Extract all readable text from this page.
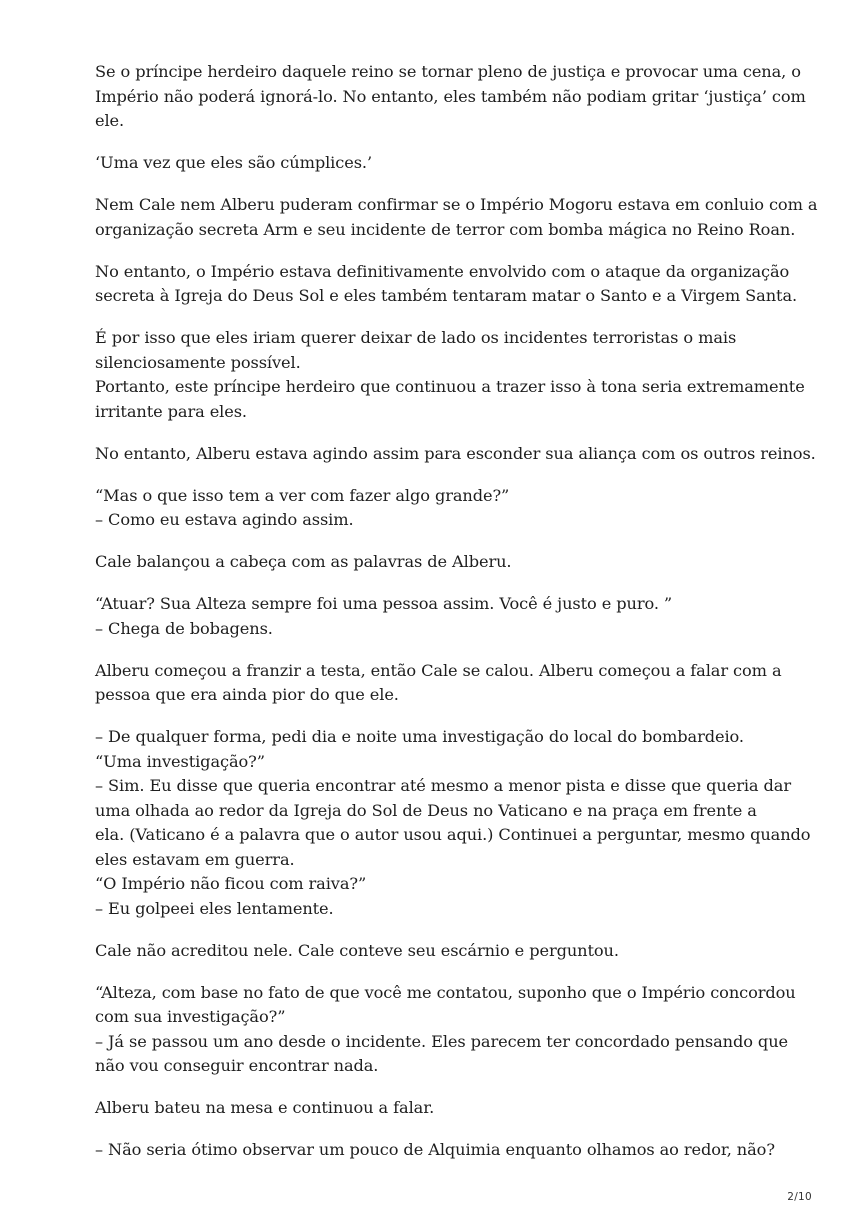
Se o príncipe herdeiro daquele reino se tornar pleno de justiça e provocar uma cena, o
Império não poderá ignorá-lo. No entanto, eles também não podiam gritar ‘justiça’ com
ele.

‘Uma vez que eles são cúmplices.’

Nem Cale nem Alberu puderam confirmar se o Império Mogoru estava em conluio com a
organização secreta Arm e seu incidente de terror com bomba mágica no Reino Roan.

No entanto, o Império estava definitivamente envolvido com o ataque da organização
secreta à Igreja do Deus Sol e eles também tentaram matar o Santo e a Virgem Santa.

É por isso que eles iriam querer deixar de lado os incidentes terroristas o mais
silenciosamente possível.
Portanto, este príncipe herdeiro que continuou a trazer isso à tona seria extremamente
irritante para eles.

No entanto, Alberu estava agindo assim para esconder sua aliança com os outros reinos.

“Mas o que isso tem a ver com fazer algo grande?”
– Como eu estava agindo assim.

Cale balançou a cabeça com as palavras de Alberu.

“Atuar? Sua Alteza sempre foi uma pessoa assim. Você é justo e puro. ”
– Chega de bobagens.

Alberu começou a franzir a testa, então Cale se calou. Alberu começou a falar com a
pessoa que era ainda pior do que ele.

– De qualquer forma, pedi dia e noite uma investigação do local do bombardeio.
“Uma investigação?”
– Sim. Eu disse que queria encontrar até mesmo a menor pista e disse que queria dar
uma olhada ao redor da Igreja do Sol de Deus no Vaticano e na praça em frente a
ela. (Vaticano é a palavra que o autor usou aqui.) Continuei a perguntar, mesmo quando
eles estavam em guerra.
“O Império não ficou com raiva?”
– Eu golpeei eles lentamente.

Cale não acreditou nele. Cale conteve seu escárnio e perguntou.

“Alteza, com base no fato de que você me contatou, suponho que o Império concordou
com sua investigação?”
– Já se passou um ano desde o incidente. Eles parecem ter concordado pensando que
não vou conseguir encontrar nada.

Alberu bateu na mesa e continuou a falar.

– Não seria ótimo observar um pouco de Alquimia enquanto olhamos ao redor, não?

2/10
